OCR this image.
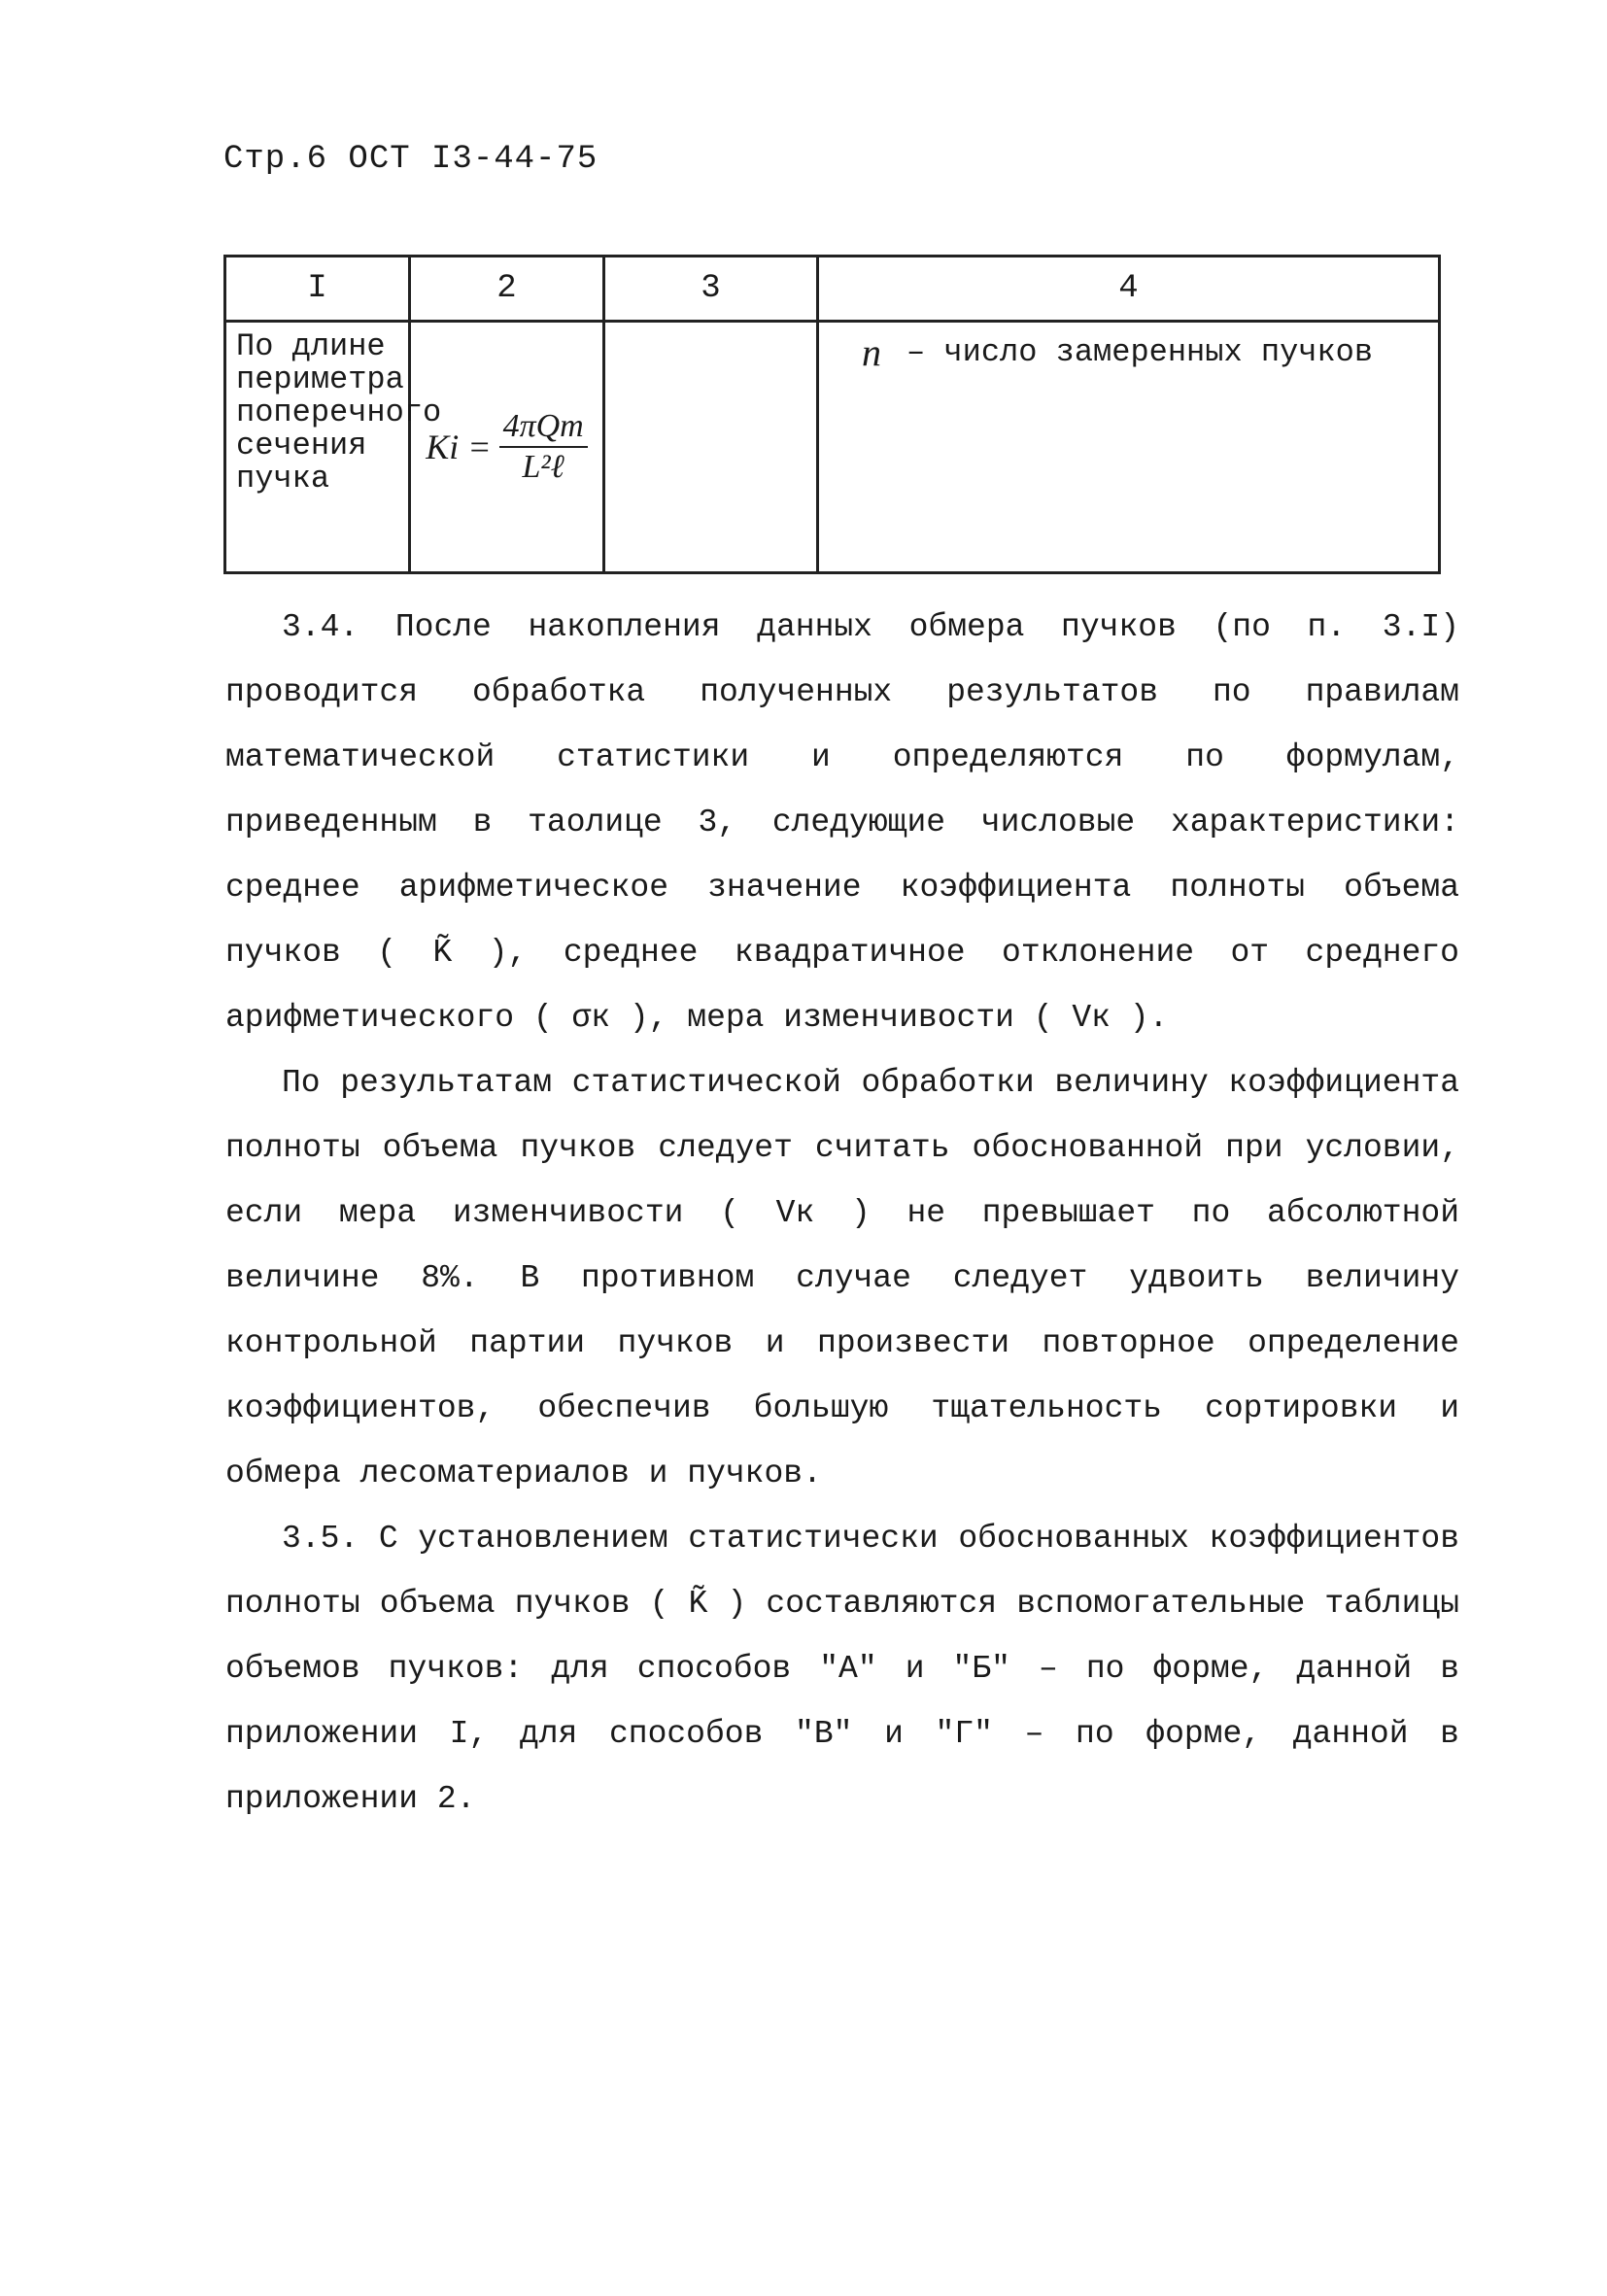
Стр.6 ОСТ I3-44-75
I	2	3	4
По длине периметра поперечного сечения пучка	$Ki = \frac{\text{4πQт}}{\text{L²ℓ}}$		n – число замеренных пучков

3.4. После накопления данных обмера пучков (по п. 3.I) проводится обработка полученных результатов по правилам математической статистики и определяются по формулам, приведенным в таолице 3, следующие числовые характеристики: среднее арифметическое значение коэффициента полноты объема пучков ( K̃ ), среднее квадратичное отклонение от среднего арифметического ( σк ), мера изменчивости ( Vк ).

По результатам статистической обработки величину коэффициента полноты объема пучков следует считать обоснованной при условии, если мера изменчивости ( Vк ) не превышает по абсолютной величине 8%. В противном случае следует удвоить величину контрольной партии пучков и произвести повторное определение коэффициентов, обеспечив большую тщательность сортировки и обмера лесоматериалов и пучков.

3.5. С установлением статистически обоснованных коэффициентов полноты объема пучков ( K̃ ) составляются вспомогательные таблицы объемов пучков: для способов "А" и "Б" – по форме, данной в приложении I, для способов "В" и "Г" – по форме, данной в приложении 2.
